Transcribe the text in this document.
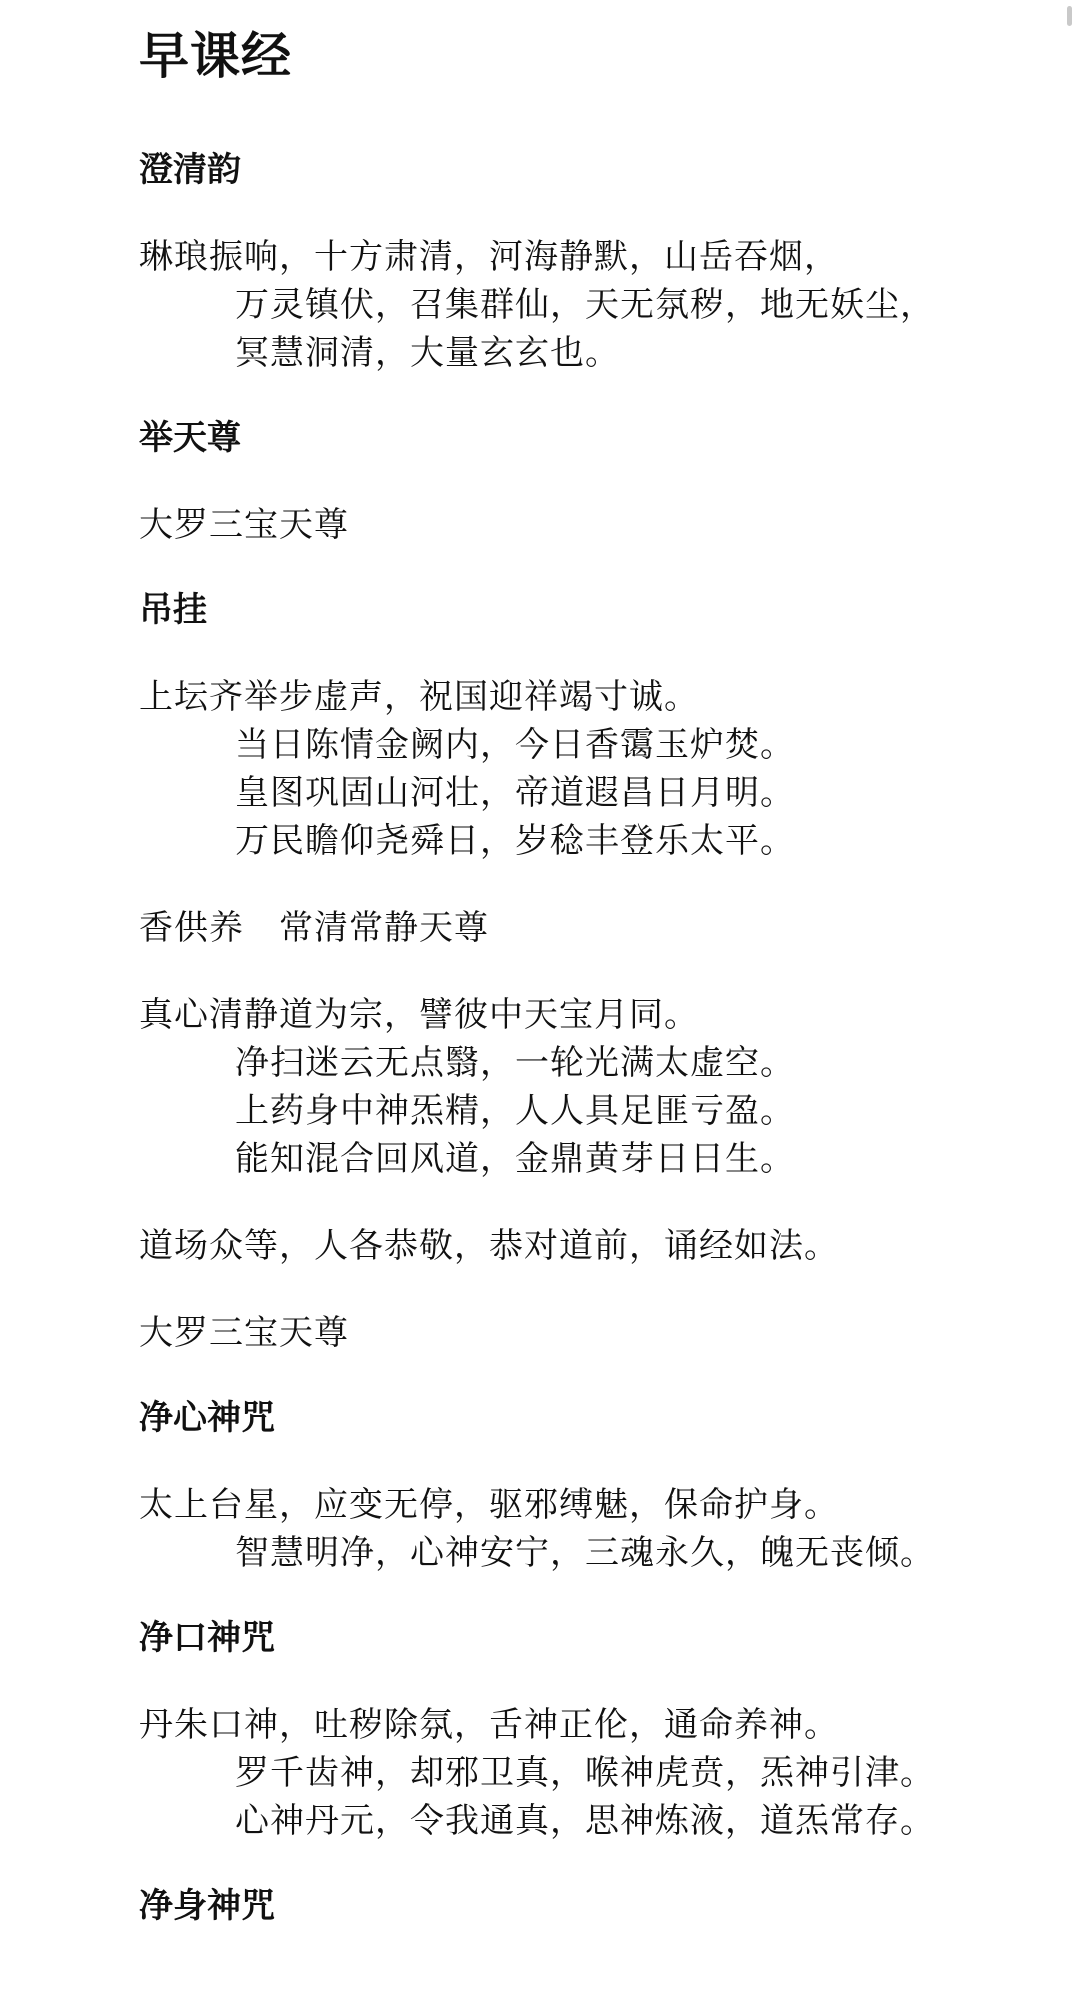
早课经
澄清韵

琳琅振响，十方肃清，河海静默，山岳吞烟，
万灵镇伏，召集群仙，天无氛秽，地无妖尘，
冥慧洞清，大量玄玄也。

举天尊

大罗三宝天尊

吊挂

上坛齐举步虚声，祝国迎祥竭寸诚。
当日陈情金阙内，今日香霭玉炉焚。
皇图巩固山河壮，帝道遐昌日月明。
万民瞻仰尧舜日，岁稔丰登乐太平。

香供养　常清常静天尊

真心清静道为宗，譬彼中天宝月同。
净扫迷云无点翳，一轮光满太虚空。
上药身中神炁精，人人具足匪亏盈。
能知混合回风道，金鼎黄芽日日生。

道场众等，人各恭敬，恭对道前，诵经如法。

大罗三宝天尊

净心神咒

太上台星，应变无停，驱邪缚魅，保命护身。
智慧明净，心神安宁，三魂永久，魄无丧倾。

净口神咒

丹朱口神，吐秽除氛，舌神正伦，通命养神。
罗千齿神，却邪卫真，喉神虎贲，炁神引津。
心神丹元，令我通真，思神炼液，道炁常存。

净身神咒
